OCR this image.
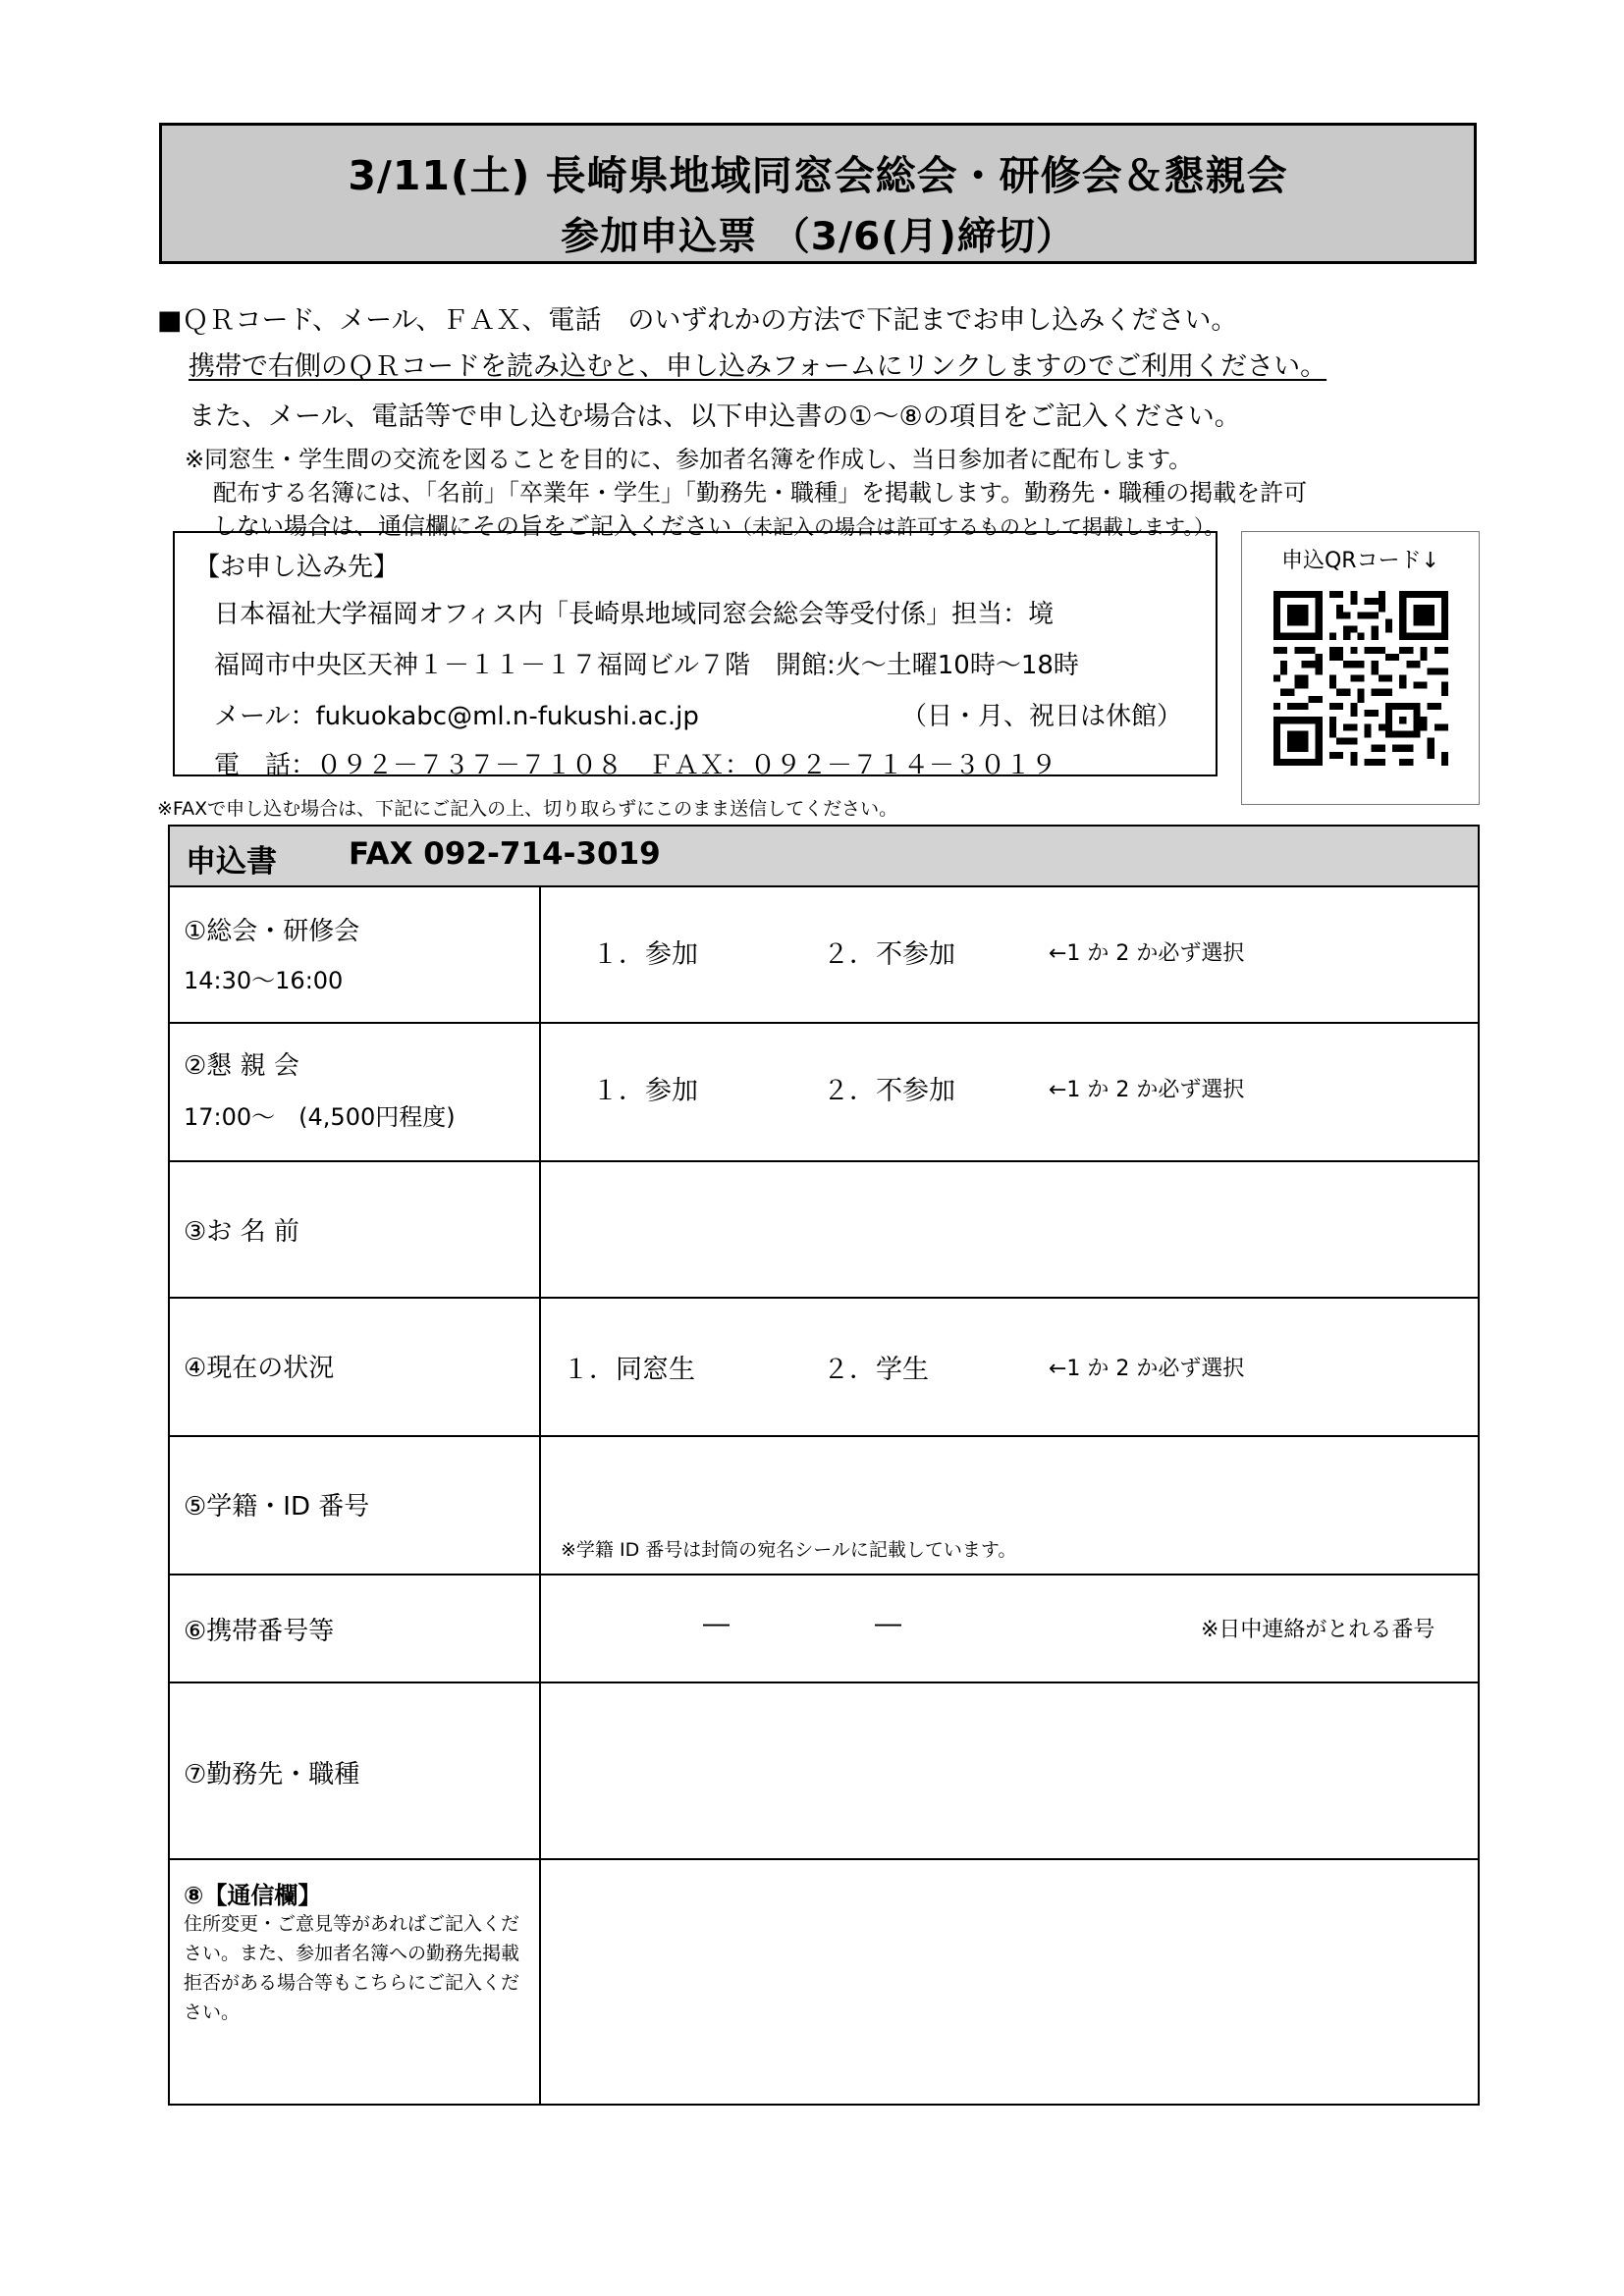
3/11(土) 長崎県地域同窓会総会・研修会＆懇親会
参加申込票 （3/6(月)締切）
■ＱＲコード、メール、ＦＡＸ、電話　のいずれかの方法で下記までお申し込みください。
携帯で右側のＱＲコードを読み込むと、申し込みフォームにリンクしますのでご利用ください。
また、メール、電話等で申し込む場合は、以下申込書の①～⑧の項目をご記入ください。
※同窓生・学生間の交流を図ることを目的に、参加者名簿を作成し、当日参加者に配布します。
配布する名簿には、「名前」「卒業年・学生」「勤務先・職種」を掲載します。勤務先・職種の掲載を許可
しない場合は、通信欄にその旨をご記入ください（未記入の場合は許可するものとして掲載します。）。
【お申し込み先】
日本福祉大学福岡オフィス内「長崎県地域同窓会総会等受付係」担当：境
福岡市中央区天神１－１１－１７福岡ビル７階　開館:火～土曜10時～18時
メール：fukuokabc@ml.n-fukushi.ac.jp	（日・月、祝日は休館）
電　話：０９２－７３７－７１０８　ＦＡＸ：０９２－７１４－３０１９
申込QRコード↓
※FAXで申し込む場合は、下記にご記入の上、切り取らずにこのまま送信してください。
申込書 FAX 092-714-3019
①総会・研修会
14:30～16:00
１．参加	２．不参加	←1 か 2 か必ず選択
②懇 親 会
17:00～　(4,500円程度)
１．参加	２．不参加	←1 か 2 か必ず選択
③お 名 前
④現在の状況	１．同窓生	２．学生	←1 か 2 か必ず選択
⑤学籍・ID 番号
※学籍 ID 番号は封筒の宛名シールに記載しています。
⑥携帯番号等	―	―	※日中連絡がとれる番号
⑦勤務先・職種
⑧【通信欄】
住所変更・ご意見等があればご記入ください。また、参加者名簿への勤務先掲載拒否がある場合等もこちらにご記入ください。
